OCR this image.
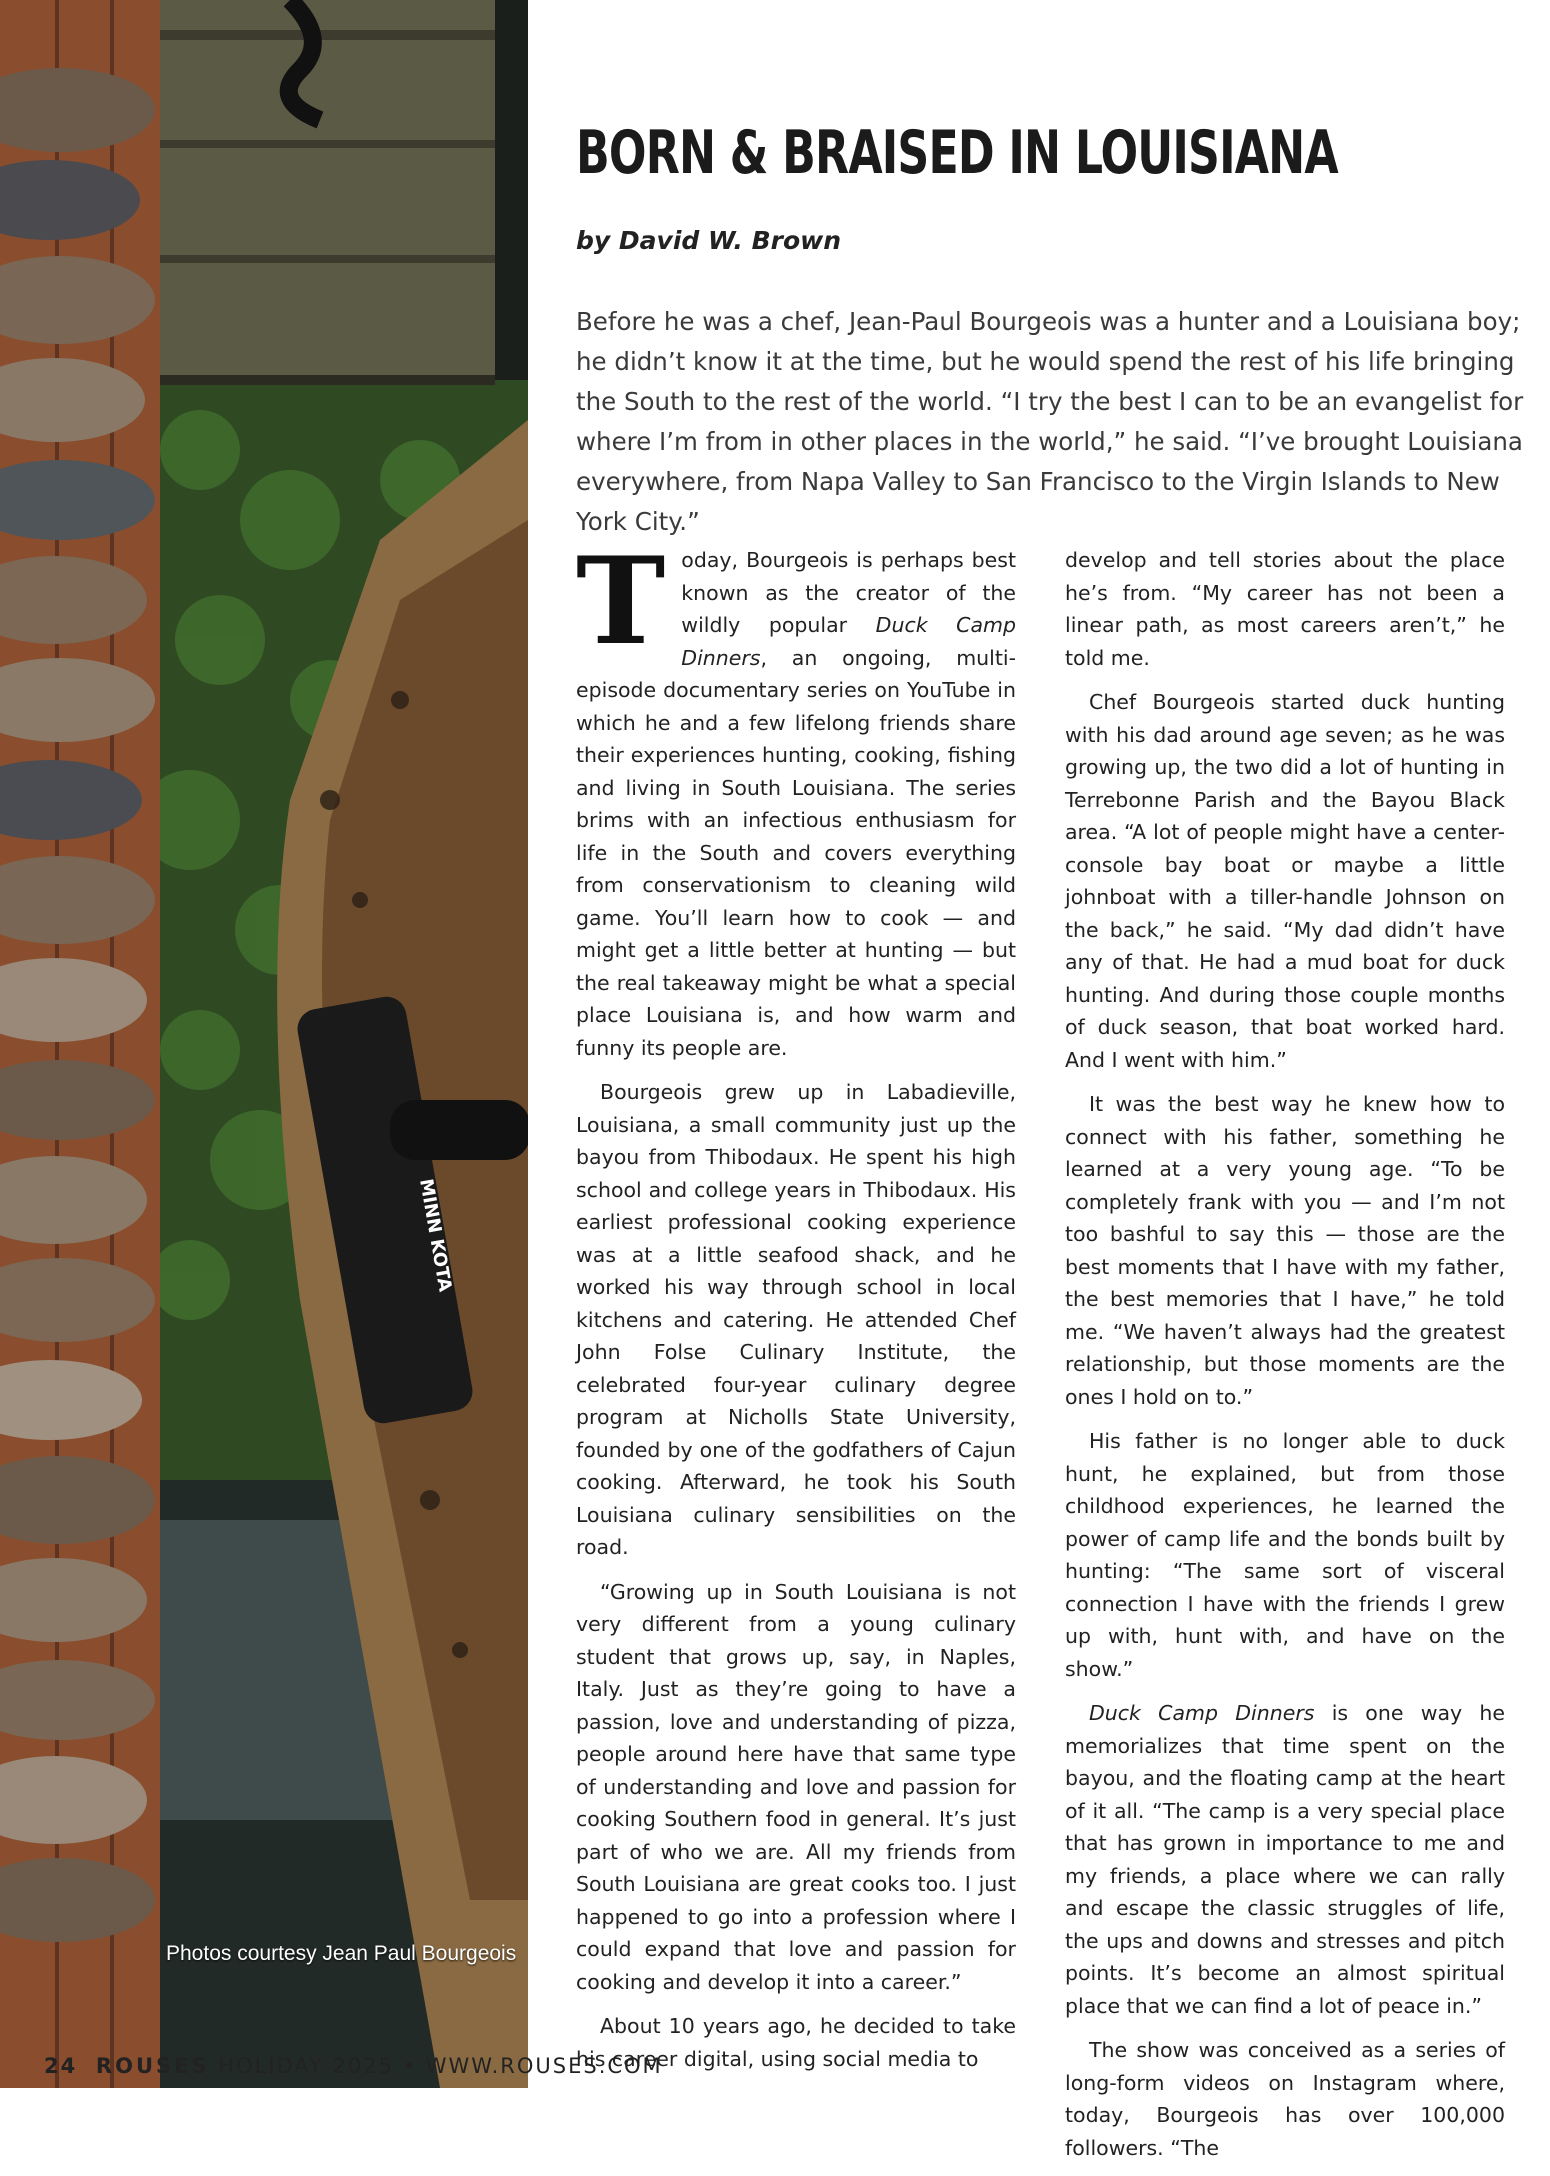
MINN KOTA
Photos courtesy Jean Paul Bourgeois
BORN & BRAISED IN LOUISIANA
by David W. Brown

Before he was a chef, Jean-Paul Bourgeois was a hunter and a Louisiana boy; he didn’t know it at the time, but he would spend the rest of his life bringing the South to the rest of the world. “I try the best I can to be an evangelist for where I’m from in other places in the world,” he said. “I’ve brought Louisiana everywhere, from Napa Valley to San Francisco to the Virgin Islands to New York City.”

Today, Bourgeois is perhaps best known as the creator of the wildly popular Duck Camp Dinners, an ongoing, multi-episode documentary series on YouTube in which he and a few lifelong friends share their experiences hunting, cooking, fishing and living in South Louisiana. The series brims with an infectious enthusiasm for life in the South and covers everything from conservationism to cleaning wild game. You’ll learn how to cook — and might get a little better at hunting — but the real takeaway might be what a special place Louisiana is, and how warm and funny its people are.

Bourgeois grew up in Labadieville, Louisiana, a small community just up the bayou from Thibodaux. He spent his high school and college years in Thibodaux. His earliest professional cooking experience was at a little seafood shack, and he worked his way through school in local kitchens and catering. He attended Chef John Folse Culinary Institute, the celebrated four-year culinary degree program at Nicholls State University, founded by one of the godfathers of Cajun cooking. Afterward, he took his South Louisiana culinary sensibilities on the road.

“Growing up in South Louisiana is not very different from a young culinary student that grows up, say, in Naples, Italy. Just as they’re going to have a passion, love and understanding of pizza, people around here have that same type of understanding and love and passion for cooking Southern food in general. It’s just part of who we are. All my friends from South Louisiana are great cooks too. I just happened to go into a profession where I could expand that love and passion for cooking and develop it into a career.”

About 10 years ago, he decided to take his career digital, using social media to

develop and tell stories about the place he’s from. “My career has not been a linear path, as most careers aren’t,” he told me.

Chef Bourgeois started duck hunting with his dad around age seven; as he was growing up, the two did a lot of hunting in Terrebonne Parish and the Bayou Black area. “A lot of people might have a center-console bay boat or maybe a little johnboat with a tiller-handle Johnson on the back,” he said. “My dad didn’t have any of that. He had a mud boat for duck hunting. And during those couple months of duck season, that boat worked hard. And I went with him.”

It was the best way he knew how to connect with his father, something he learned at a very young age. “To be completely frank with you — and I’m not too bashful to say this — those are the best moments that I have with my father, the best memories that I have,” he told me. “We haven’t always had the greatest relationship, but those moments are the ones I hold on to.”

His father is no longer able to duck hunt, he explained, but from those childhood experiences, he learned the power of camp life and the bonds built by hunting: “The same sort of visceral connection I have with the friends I grew up with, hunt with, and have on the show.”

Duck Camp Dinners is one way he memorializes that time spent on the bayou, and the floating camp at the heart of it all. “The camp is a very special place that has grown in importance to me and my friends, a place where we can rally and escape the classic struggles of life, the ups and downs and stresses and pitch points. It’s become an almost spiritual place that we can find a lot of peace in.”

The show was conceived as a series of long-form videos on Instagram where, today, Bourgeois has over 100,000 followers. “The

24 ROUSES HOLIDAY 2025 • WWW.ROUSES.COM
